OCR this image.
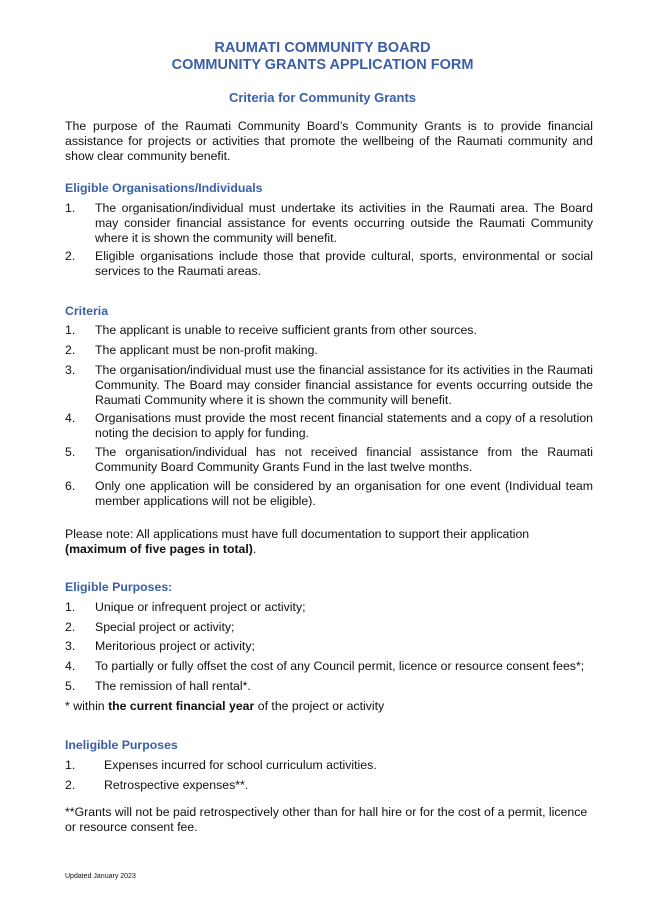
RAUMATI COMMUNITY BOARD
COMMUNITY GRANTS APPLICATION FORM
Criteria for Community Grants
The purpose of the Raumati Community Board’s Community Grants is to provide financial assistance for projects or activities that promote the wellbeing of the Raumati community and show clear community benefit.
Eligible Organisations/Individuals
1. The organisation/individual must undertake its activities in the Raumati area. The Board may consider financial assistance for events occurring outside the Raumati Community where it is shown the community will benefit.
2. Eligible organisations include those that provide cultural, sports, environmental or social services to the Raumati areas.
Criteria
1. The applicant is unable to receive sufficient grants from other sources.
2. The applicant must be non-profit making.
3. The organisation/individual must use the financial assistance for its activities in the Raumati Community. The Board may consider financial assistance for events occurring outside the Raumati Community where it is shown the community will benefit.
4. Organisations must provide the most recent financial statements and a copy of a resolution noting the decision to apply for funding.
5. The organisation/individual has not received financial assistance from the Raumati Community Board Community Grants Fund in the last twelve months.
6. Only one application will be considered by an organisation for one event (Individual team member applications will not be eligible).
Please note: All applications must have full documentation to support their application (maximum of five pages in total).
Eligible Purposes:
1. Unique or infrequent project or activity;
2. Special project or activity;
3. Meritorious project or activity;
4. To partially or fully offset the cost of any Council permit, licence or resource consent fees*;
5. The remission of hall rental*.
* within the current financial year of the project or activity
Ineligible Purposes
1. Expenses incurred for school curriculum activities.
2. Retrospective expenses**.
**Grants will not be paid retrospectively other than for hall hire or for the cost of a permit, licence or resource consent fee.
Updated January 2023
